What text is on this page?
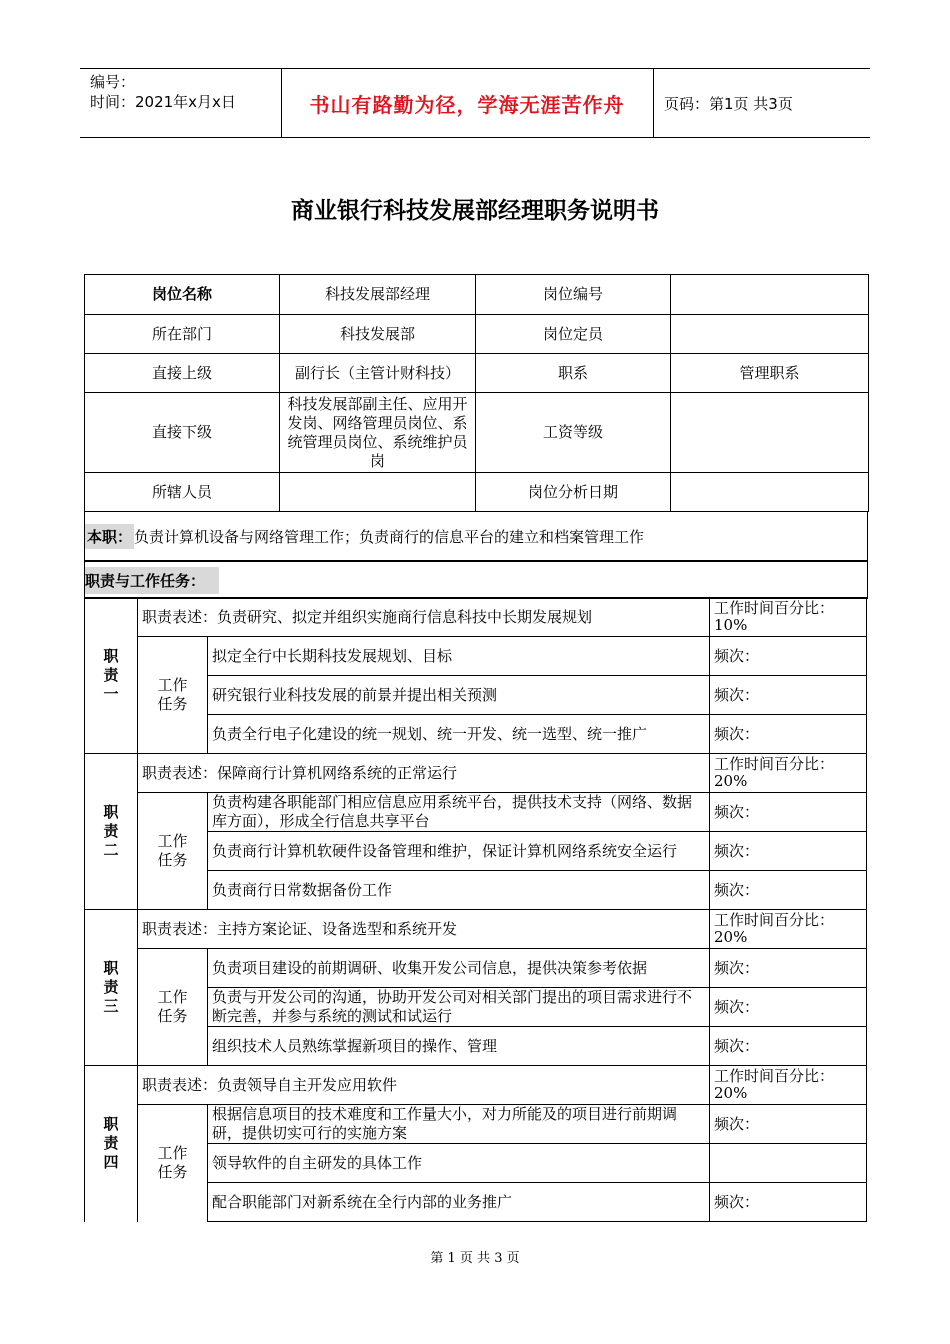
编号：
时间：2021年x月x日	书山有路勤为径，学海无涯苦作舟	页码：第1页 共3页
商业银行科技发展部经理职务说明书
岗位名称	科技发展部经理	岗位编号	
所在部门	科技发展部	岗位定员	
直接上级	副行长（主管计财科技）	职系	管理职系
直接下级	科技发展部副主任、应用开发岗、网络管理员岗位、系统管理员岗位、系统维护员岗	工资等级	
所辖人员		岗位分析日期	
本职： 负责计算机设备与网络管理工作；负责商行的信息平台的建立和档案管理工作
职责与工作任务：
职
责
一	职责表述：负责研究、拟定并组织实施商行信息科技中长期发展规划		工作时间百分比：10%
	工作
任务	拟定全行中长期科技发展规划、目标	频次：
		研究银行业科技发展的前景并提出相关预测	频次：
		负责全行电子化建设的统一规划、统一开发、统一选型、统一推广	频次：
职
责
二	职责表述：保障商行计算机网络系统的正常运行		工作时间百分比：20%
	工作
任务	负责构建各职能部门相应信息应用系统平台，提供技术支持（网络、数据库方面），形成全行信息共享平台	频次：
		负责商行计算机软硬件设备管理和维护，保证计算机网络系统安全运行	频次：
		负责商行日常数据备份工作	频次：
职
责
三	职责表述：主持方案论证、设备选型和系统开发		工作时间百分比：20%
	工作
任务	负责项目建设的前期调研、收集开发公司信息，提供决策参考依据	频次：
		负责与开发公司的沟通，协助开发公司对相关部门提出的项目需求进行不断完善，并参与系统的测试和试运行	频次：
		组织技术人员熟练掌握新项目的操作、管理	频次：
职
责
四	职责表述：负责领导自主开发应用软件		工作时间百分比：20%
	工作
任务	根据信息项目的技术难度和工作量大小，对力所能及的项目进行前期调研，提供切实可行的实施方案	频次：
		领导软件的自主研发的具体工作	
		配合职能部门对新系统在全行内部的业务推广	频次：
第 1 页 共 3 页
